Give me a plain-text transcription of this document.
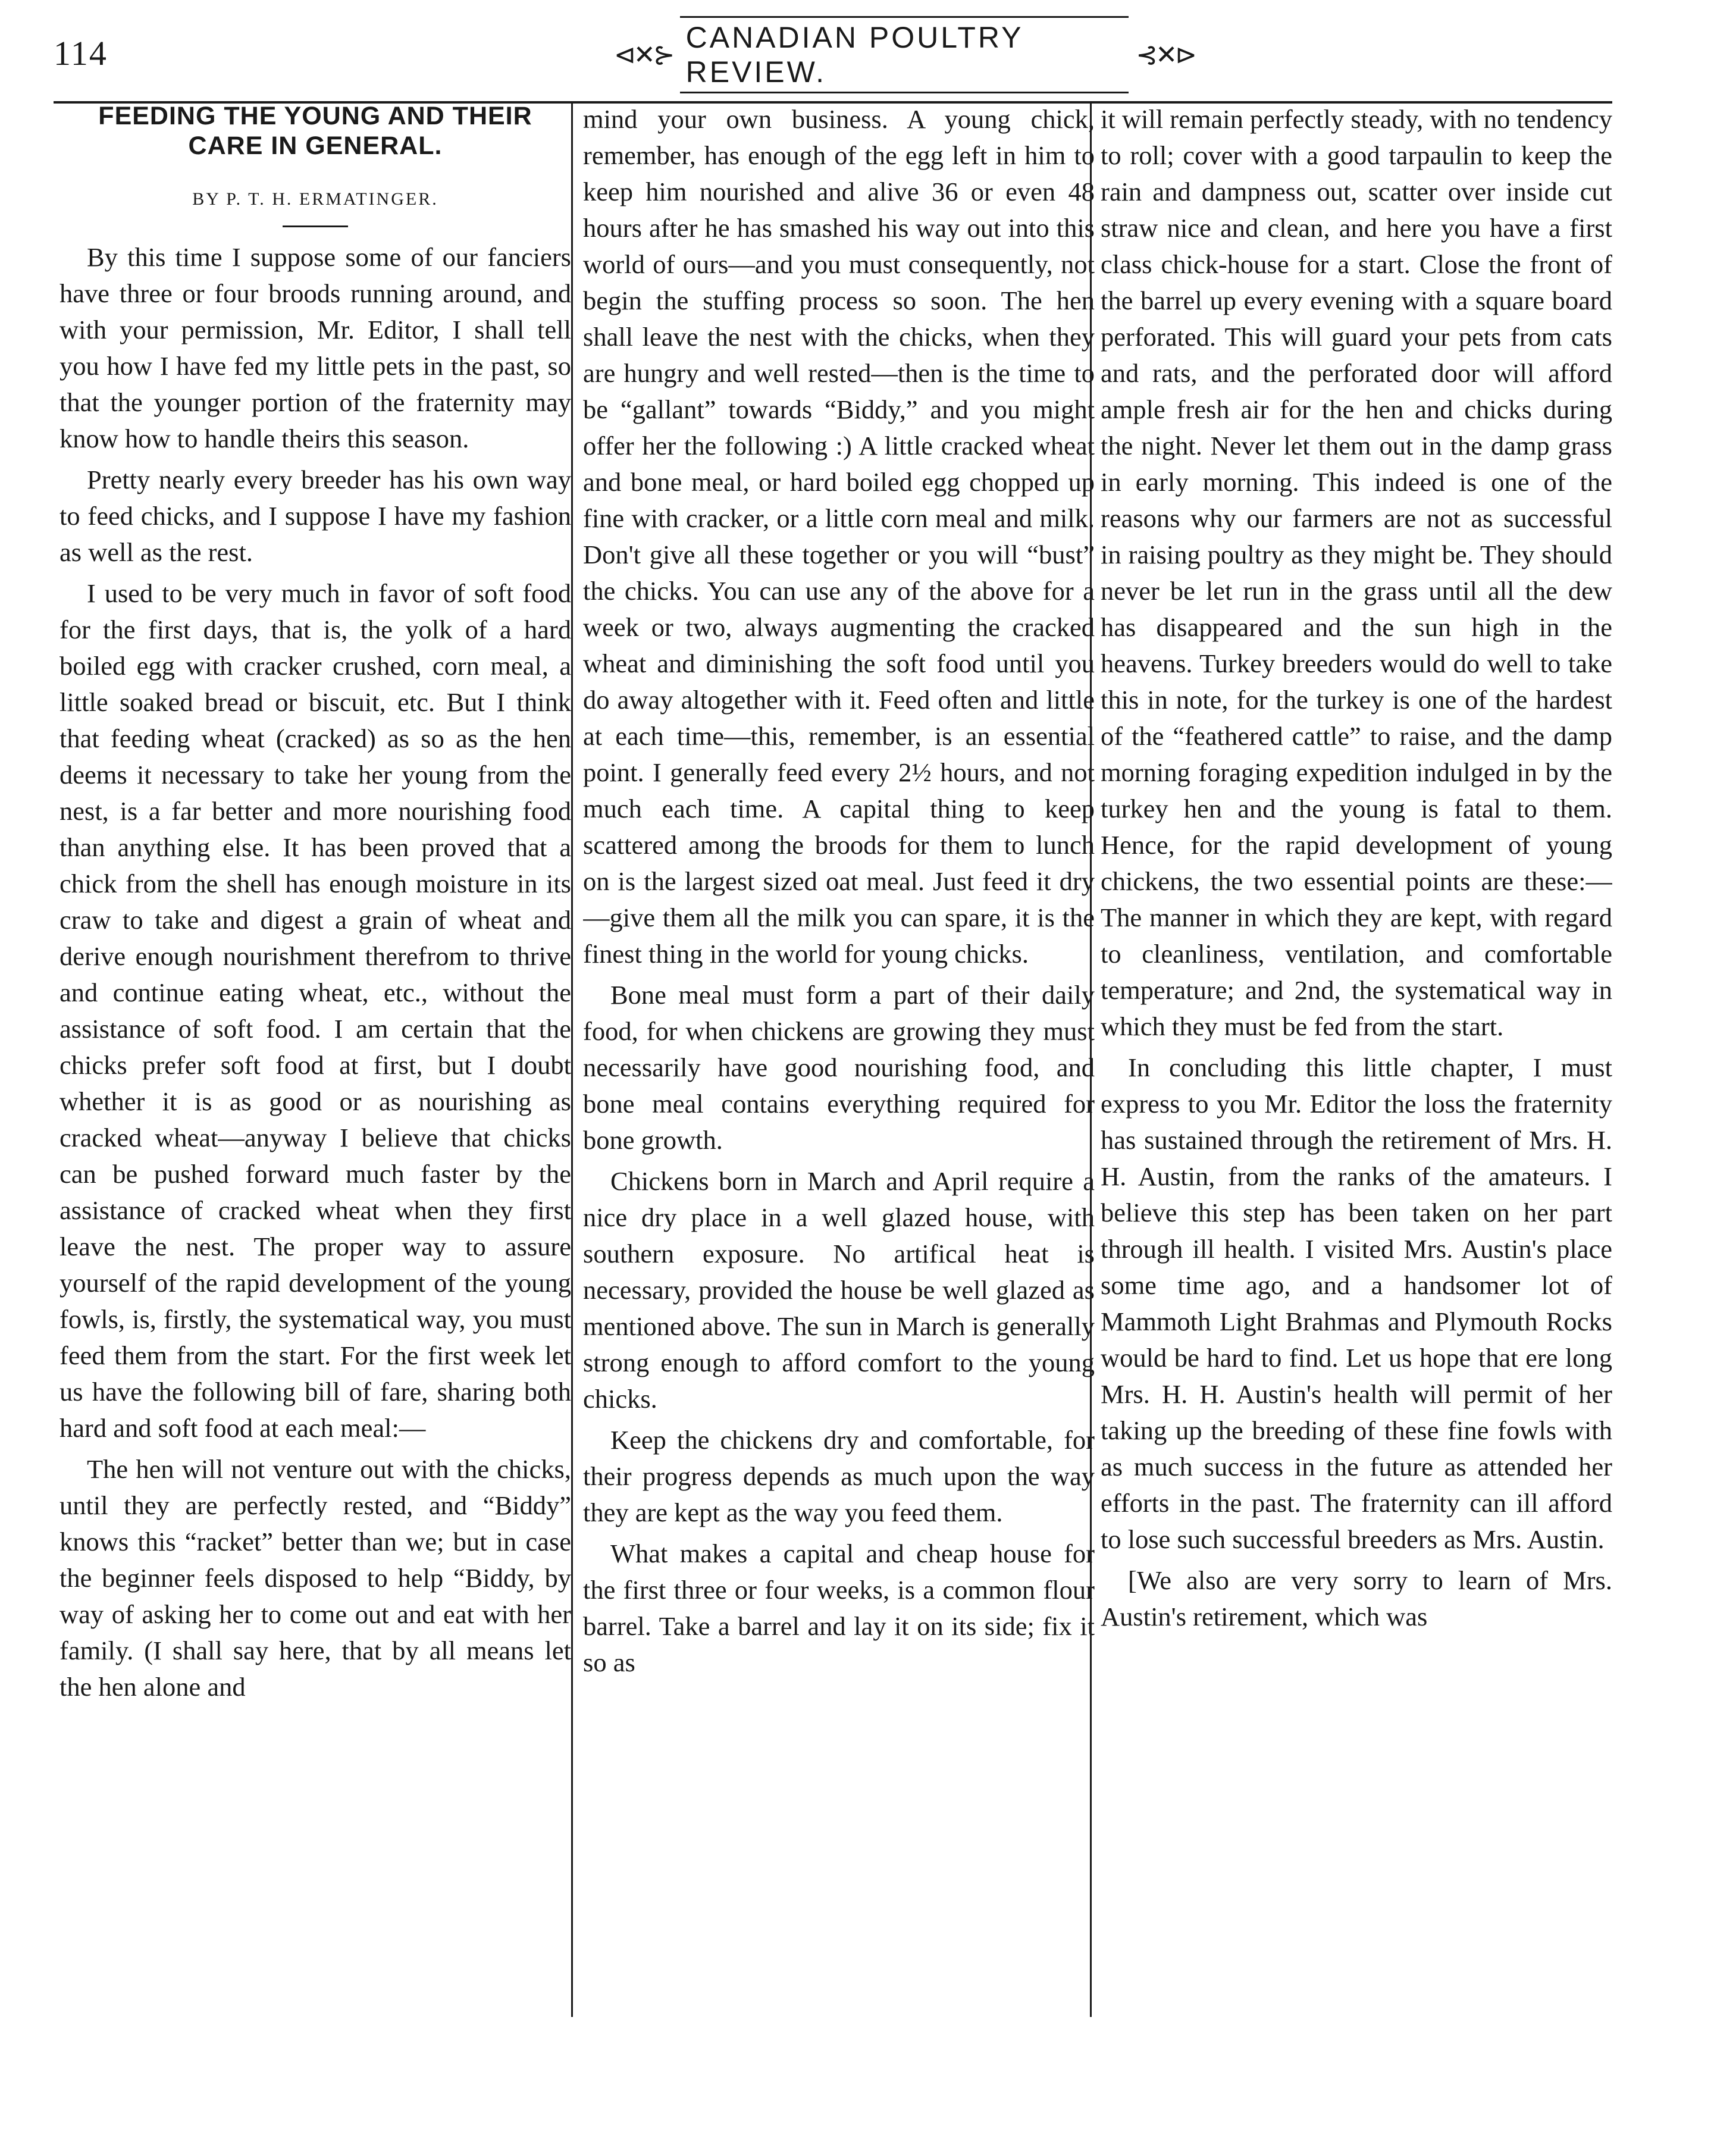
114	⊲✕⊱
CANADIAN POULTRY REVIEW.
⊰✕⊳
FEEDING THE YOUNG AND THEIR CARE IN GENERAL.
BY P. T. H. ERMATINGER.

By this time I suppose some of our fanciers have three or four broods running around, and with your permission, Mr. Editor, I shall tell you how I have fed my little pets in the past, so that the younger portion of the fraternity may know how to handle theirs this season.

Pretty nearly every breeder has his own way to feed chicks, and I suppose I have my fashion as well as the rest.

I used to be very much in favor of soft food for the first days, that is, the yolk of a hard boiled egg with cracker crushed, corn meal, a little soaked bread or biscuit, etc. But I think that feeding wheat (cracked) as so as the hen deems it necessary to take her young from the nest, is a far better and more nourishing food than anything else. It has been proved that a chick from the shell has enough moisture in its craw to take and digest a grain of wheat and derive enough nourishment therefrom to thrive and continue eating wheat, etc., without the assistance of soft food. I am certain that the chicks prefer soft food at first, but I doubt whether it is as good or as nourishing as cracked wheat—anyway I believe that chicks can be pushed forward much faster by the assistance of cracked wheat when they first leave the nest. The proper way to assure yourself of the rapid development of the young fowls, is, firstly, the systematical way, you must feed them from the start. For the first week let us have the following bill of fare, sharing both hard and soft food at each meal:—

The hen will not venture out with the chicks, until they are perfectly rested, and “Biddy” knows this “racket” better than we; but in case the beginner feels disposed to help “Biddy, by way of asking her to come out and eat with her family. (I shall say here, that by all means let the hen alone and

mind your own business. A young chick, remember, has enough of the egg left in him to keep him nourished and alive 36 or even 48 hours after he has smashed his way out into this world of ours—and you must consequently, not begin the stuffing process so soon. The hen shall leave the nest with the chicks, when they are hungry and well rested—then is the time to be “gallant” towards “Biddy,” and you might offer her the following :) A little cracked wheat and bone meal, or hard boiled egg chopped up fine with cracker, or a little corn meal and milk. Don't give all these together or you will “bust” the chicks. You can use any of the above for a week or two, always augmenting the cracked wheat and diminishing the soft food until you do away altogether with it. Feed often and little at each time—this, remember, is an essential point. I generally feed every 2½ hours, and not much each time. A capital thing to keep scattered among the broods for them to lunch on is the largest sized oat meal. Just feed it dry—give them all the milk you can spare, it is the finest thing in the world for young chicks.

Bone meal must form a part of their daily food, for when chickens are growing they must necessarily have good nourishing food, and bone meal contains everything required for bone growth.

Chickens born in March and April require a nice dry place in a well glazed house, with southern exposure. No artifical heat is necessary, provided the house be well glazed as mentioned above. The sun in March is generally strong enough to afford comfort to the young chicks.

Keep the chickens dry and comfortable, for their progress depends as much upon the way they are kept as the way you feed them.

What makes a capital and cheap house for the first three or four weeks, is a common flour barrel. Take a barrel and lay it on its side; fix it so as

it will remain perfectly steady, with no tendency to roll; cover with a good tarpaulin to keep the rain and dampness out, scatter over inside cut straw nice and clean, and here you have a first class chick-house for a start. Close the front of the barrel up every evening with a square board perforated. This will guard your pets from cats and rats, and the perforated door will afford ample fresh air for the hen and chicks during the night. Never let them out in the damp grass in early morning. This indeed is one of the reasons why our farmers are not as successful in raising poultry as they might be. They should never be let run in the grass until all the dew has disappeared and the sun high in the heavens. Turkey breeders would do well to take this in note, for the turkey is one of the hardest of the “feathered cattle” to raise, and the damp morning foraging expedition indulged in by the turkey hen and the young is fatal to them. Hence, for the rapid development of young chickens, the two essential points are these:—The manner in which they are kept, with regard to cleanliness, ventilation, and comfortable temperature; and 2nd, the systematical way in which they must be fed from the start.

In concluding this little chapter, I must express to you Mr. Editor the loss the fraternity has sustained through the retirement of Mrs. H. H. Austin, from the ranks of the amateurs. I believe this step has been taken on her part through ill health. I visited Mrs. Austin's place some time ago, and a handsomer lot of Mammoth Light Brahmas and Plymouth Rocks would be hard to find. Let us hope that ere long Mrs. H. H. Austin's health will permit of her taking up the breeding of these fine fowls with as much success in the future as attended her efforts in the past. The fraternity can ill afford to lose such successful breeders as Mrs. Austin.

[We also are very sorry to learn of Mrs. Austin's retirement, which was
